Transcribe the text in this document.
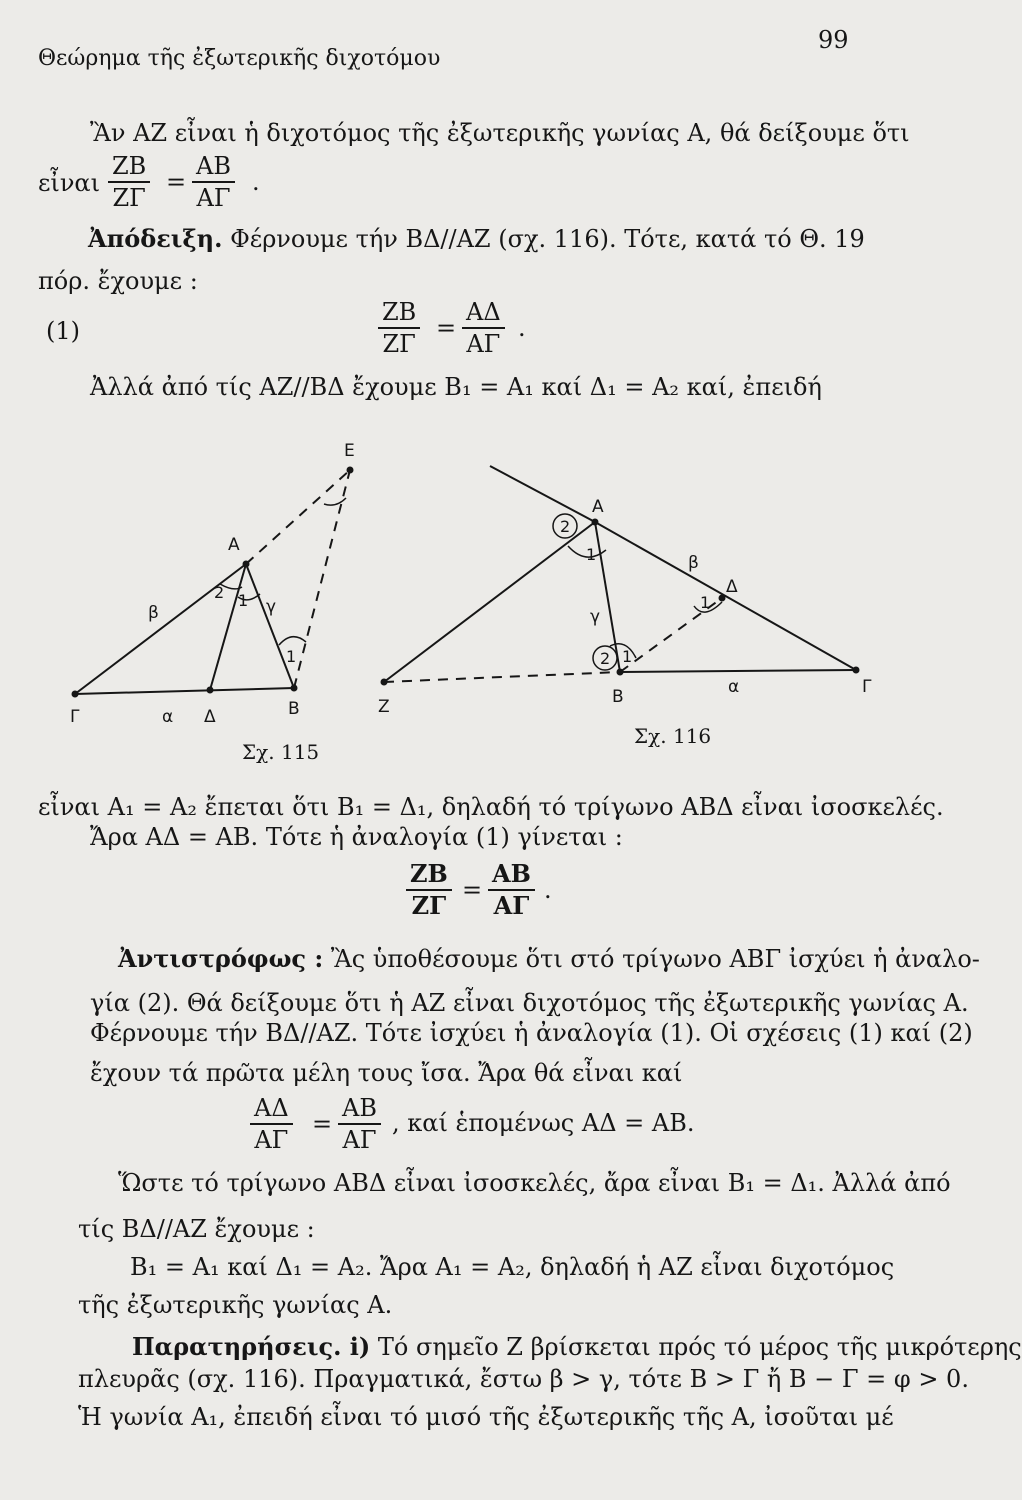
Θεώρημα τῆς ἐξωτερικῆς διχοτόμου
99
Ἂν ΑΖ εἶναι ἡ διχοτόμος τῆς ἐξωτερικῆς γωνίας Α, θά δείξουμε ὅτι
εἶναι
ΖΒ
ΖΓ
=
ΑΒ
ΑΓ
.
Ἀπόδειξη. Φέρνουμε τήν ΒΔ//ΑΖ (σχ. 116). Τότε, κατά τό Θ. 19
πόρ. ἔχουμε :
(1)
ΖΒ
ΖΓ
=
ΑΔ
ΑΓ
.
Ἀλλά ἀπό τίς ΑΖ//ΒΔ ἔχουμε Β₁ = Α₁ καί Δ₁ = Α₂ καί, ἐπειδή
E
A
B
Γ	Δ
β	γ
α
2 1
1
Σχ. 115
A
Z	B	Γ
Δ
β
γ
α
2
1
1
2 1
Σχ. 116
εἶναι Α₁ = Α₂ ἔπεται ὅτι Β₁ = Δ₁, δηλαδή τό τρίγωνο ΑΒΔ εἶναι ἰσοσκελές.
Ἄρα ΑΔ = ΑΒ. Τότε ἡ ἀναλογία (1) γίνεται :
ΖΒ
ΖΓ
=
ΑΒ
ΑΓ
.
Ἀντιστρόφως : Ἂς ὑποθέσουμε ὅτι στό τρίγωνο ΑΒΓ ἰσχύει ἡ ἀναλο-
γία (2). Θά δείξουμε ὅτι ἡ ΑΖ εἶναι διχοτόμος τῆς ἐξωτερικῆς γωνίας Α.
Φέρνουμε τήν ΒΔ//ΑΖ. Τότε ἰσχύει ἡ ἀναλογία (1). Οἱ σχέσεις (1) καί (2)
ἔχουν τά πρῶτα μέλη τους ἴσα. Ἄρα θά εἶναι καί
ΑΔ
ΑΓ
=
ΑΒ
ΑΓ
, καί ἑπομένως ΑΔ = ΑΒ.
Ὥστε τό τρίγωνο ΑΒΔ εἶναι ἰσοσκελές, ἄρα εἶναι Β₁ = Δ₁. Ἀλλά ἀπό
τίς ΒΔ//ΑΖ ἔχουμε :
Β₁ = Α₁ καί Δ₁ = Α₂. Ἄρα Α₁ = Α₂, δηλαδή ἡ ΑΖ εἶναι διχοτόμος
τῆς ἐξωτερικῆς γωνίας Α.
Παρατηρήσεις. i) Τό σημεῖο Ζ βρίσκεται πρός τό μέρος τῆς μικρότερης
πλευρᾶς (σχ. 116). Πραγματικά, ἔστω β > γ, τότε Β > Γ ἤ Β − Γ = φ > 0.
Ἡ γωνία Α₁, ἐπειδή εἶναι τό μισό τῆς ἐξωτερικῆς τῆς Α, ἰσοῦται μέ
